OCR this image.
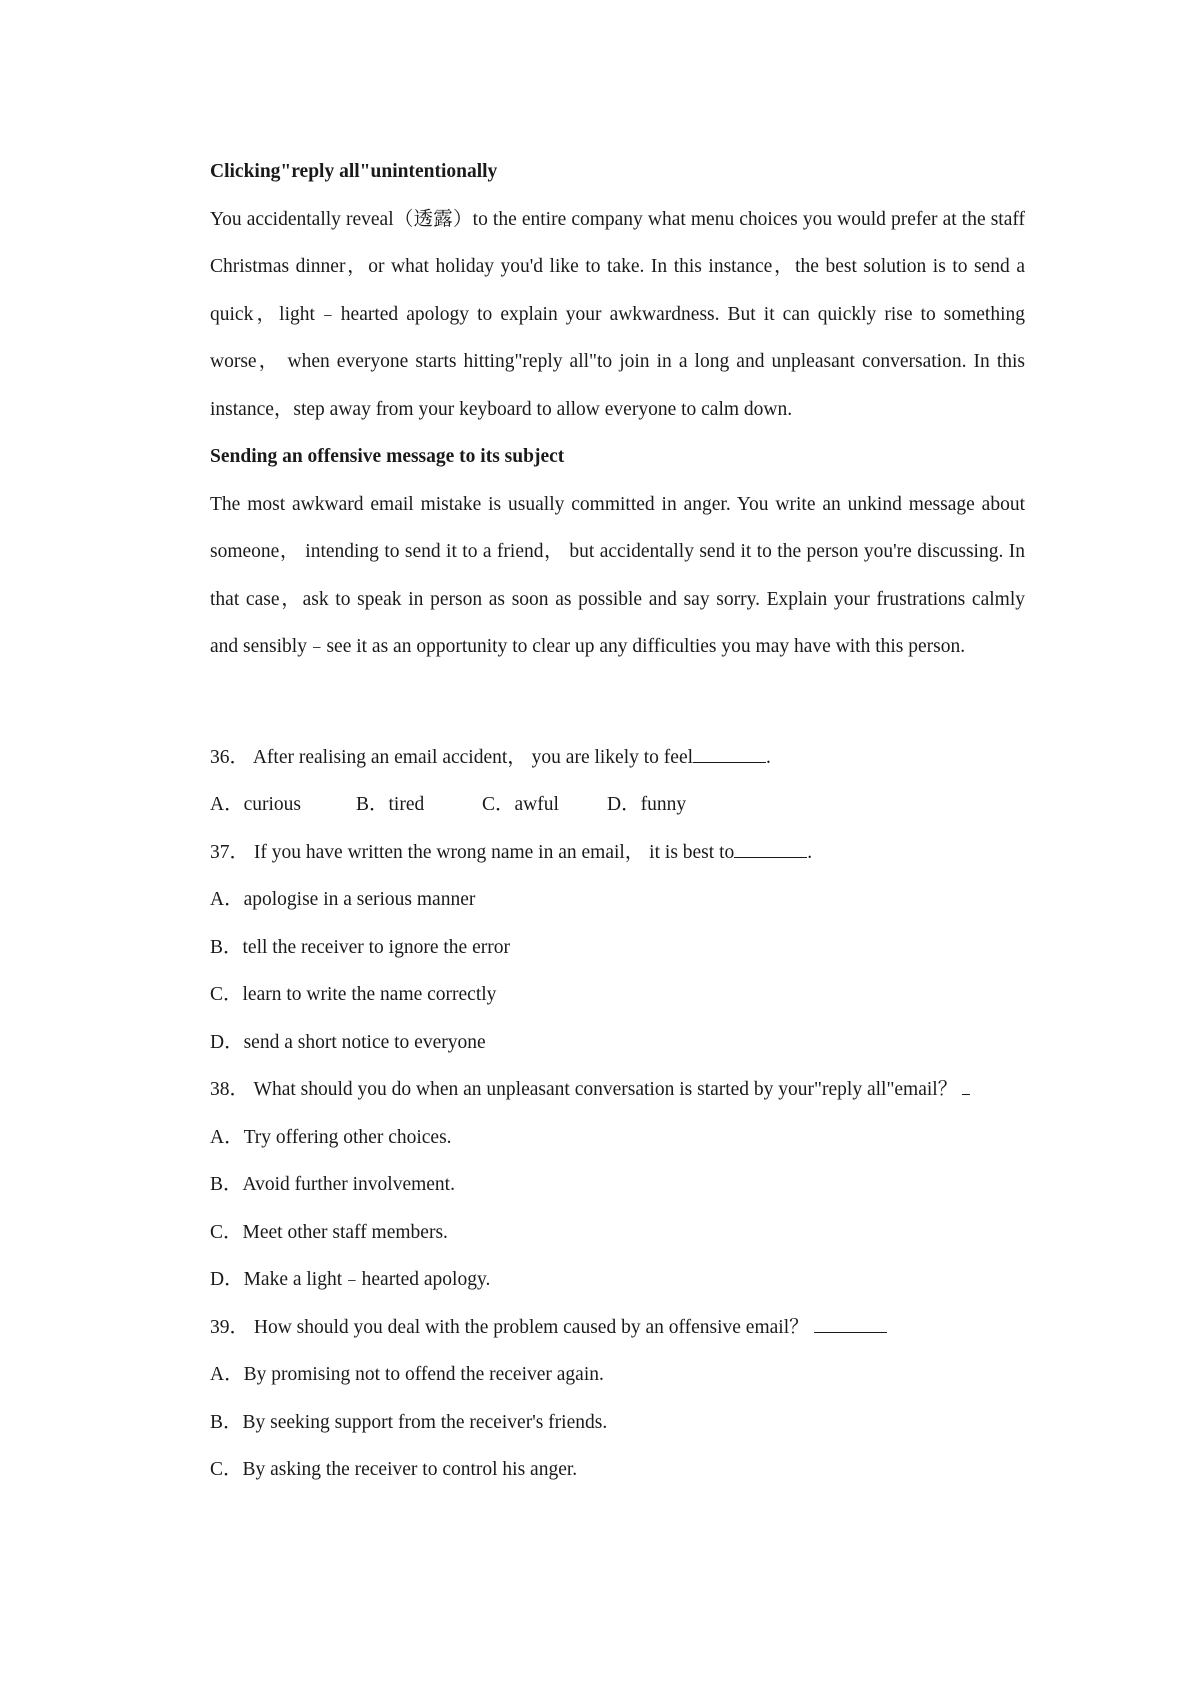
Clicking"reply all"unintentionally

You accidentally reveal（透露）to the entire company what menu choices you would prefer at the staff Christmas dinner，or what holiday you'd like to take. In this instance，the best solution is to send a quick，light﹣hearted apology to explain your awkwardness. But it can quickly rise to something worse， when everyone starts hitting"reply all"to join in a long and unpleasant conversation. In this instance，step away from your keyboard to allow everyone to calm down.

Sending an offensive message to its subject

The most awkward email mistake is usually committed in anger. You write an unkind message about someone， intending to send it to a friend， but accidentally send it to the person you're discussing. In that case，ask to speak in person as soon as possible and say sorry. Explain your frustrations calmly and sensibly﹣see it as an opportunity to clear up any difficulties you may have with this person.

36． After realising an email accident， you are likely to feel	.

A．curious	B．tired	C．awful D．funny

37． If you have written the wrong name in an email， it is best to	.

A．apologise in a serious manner

B．tell the receiver to ignore the error

C．learn to write the name correctly

D．send a short notice to everyone

38． What should you do when an unpleasant conversation is started by your"reply all"email？

A．Try offering other choices.

B．Avoid further involvement.

C．Meet other staff members.

D．Make a light﹣hearted apology.

39． How should you deal with the problem caused by an offensive email？

A．By promising not to offend the receiver again.

B．By seeking support from the receiver's friends.

C．By asking the receiver to control his anger.
